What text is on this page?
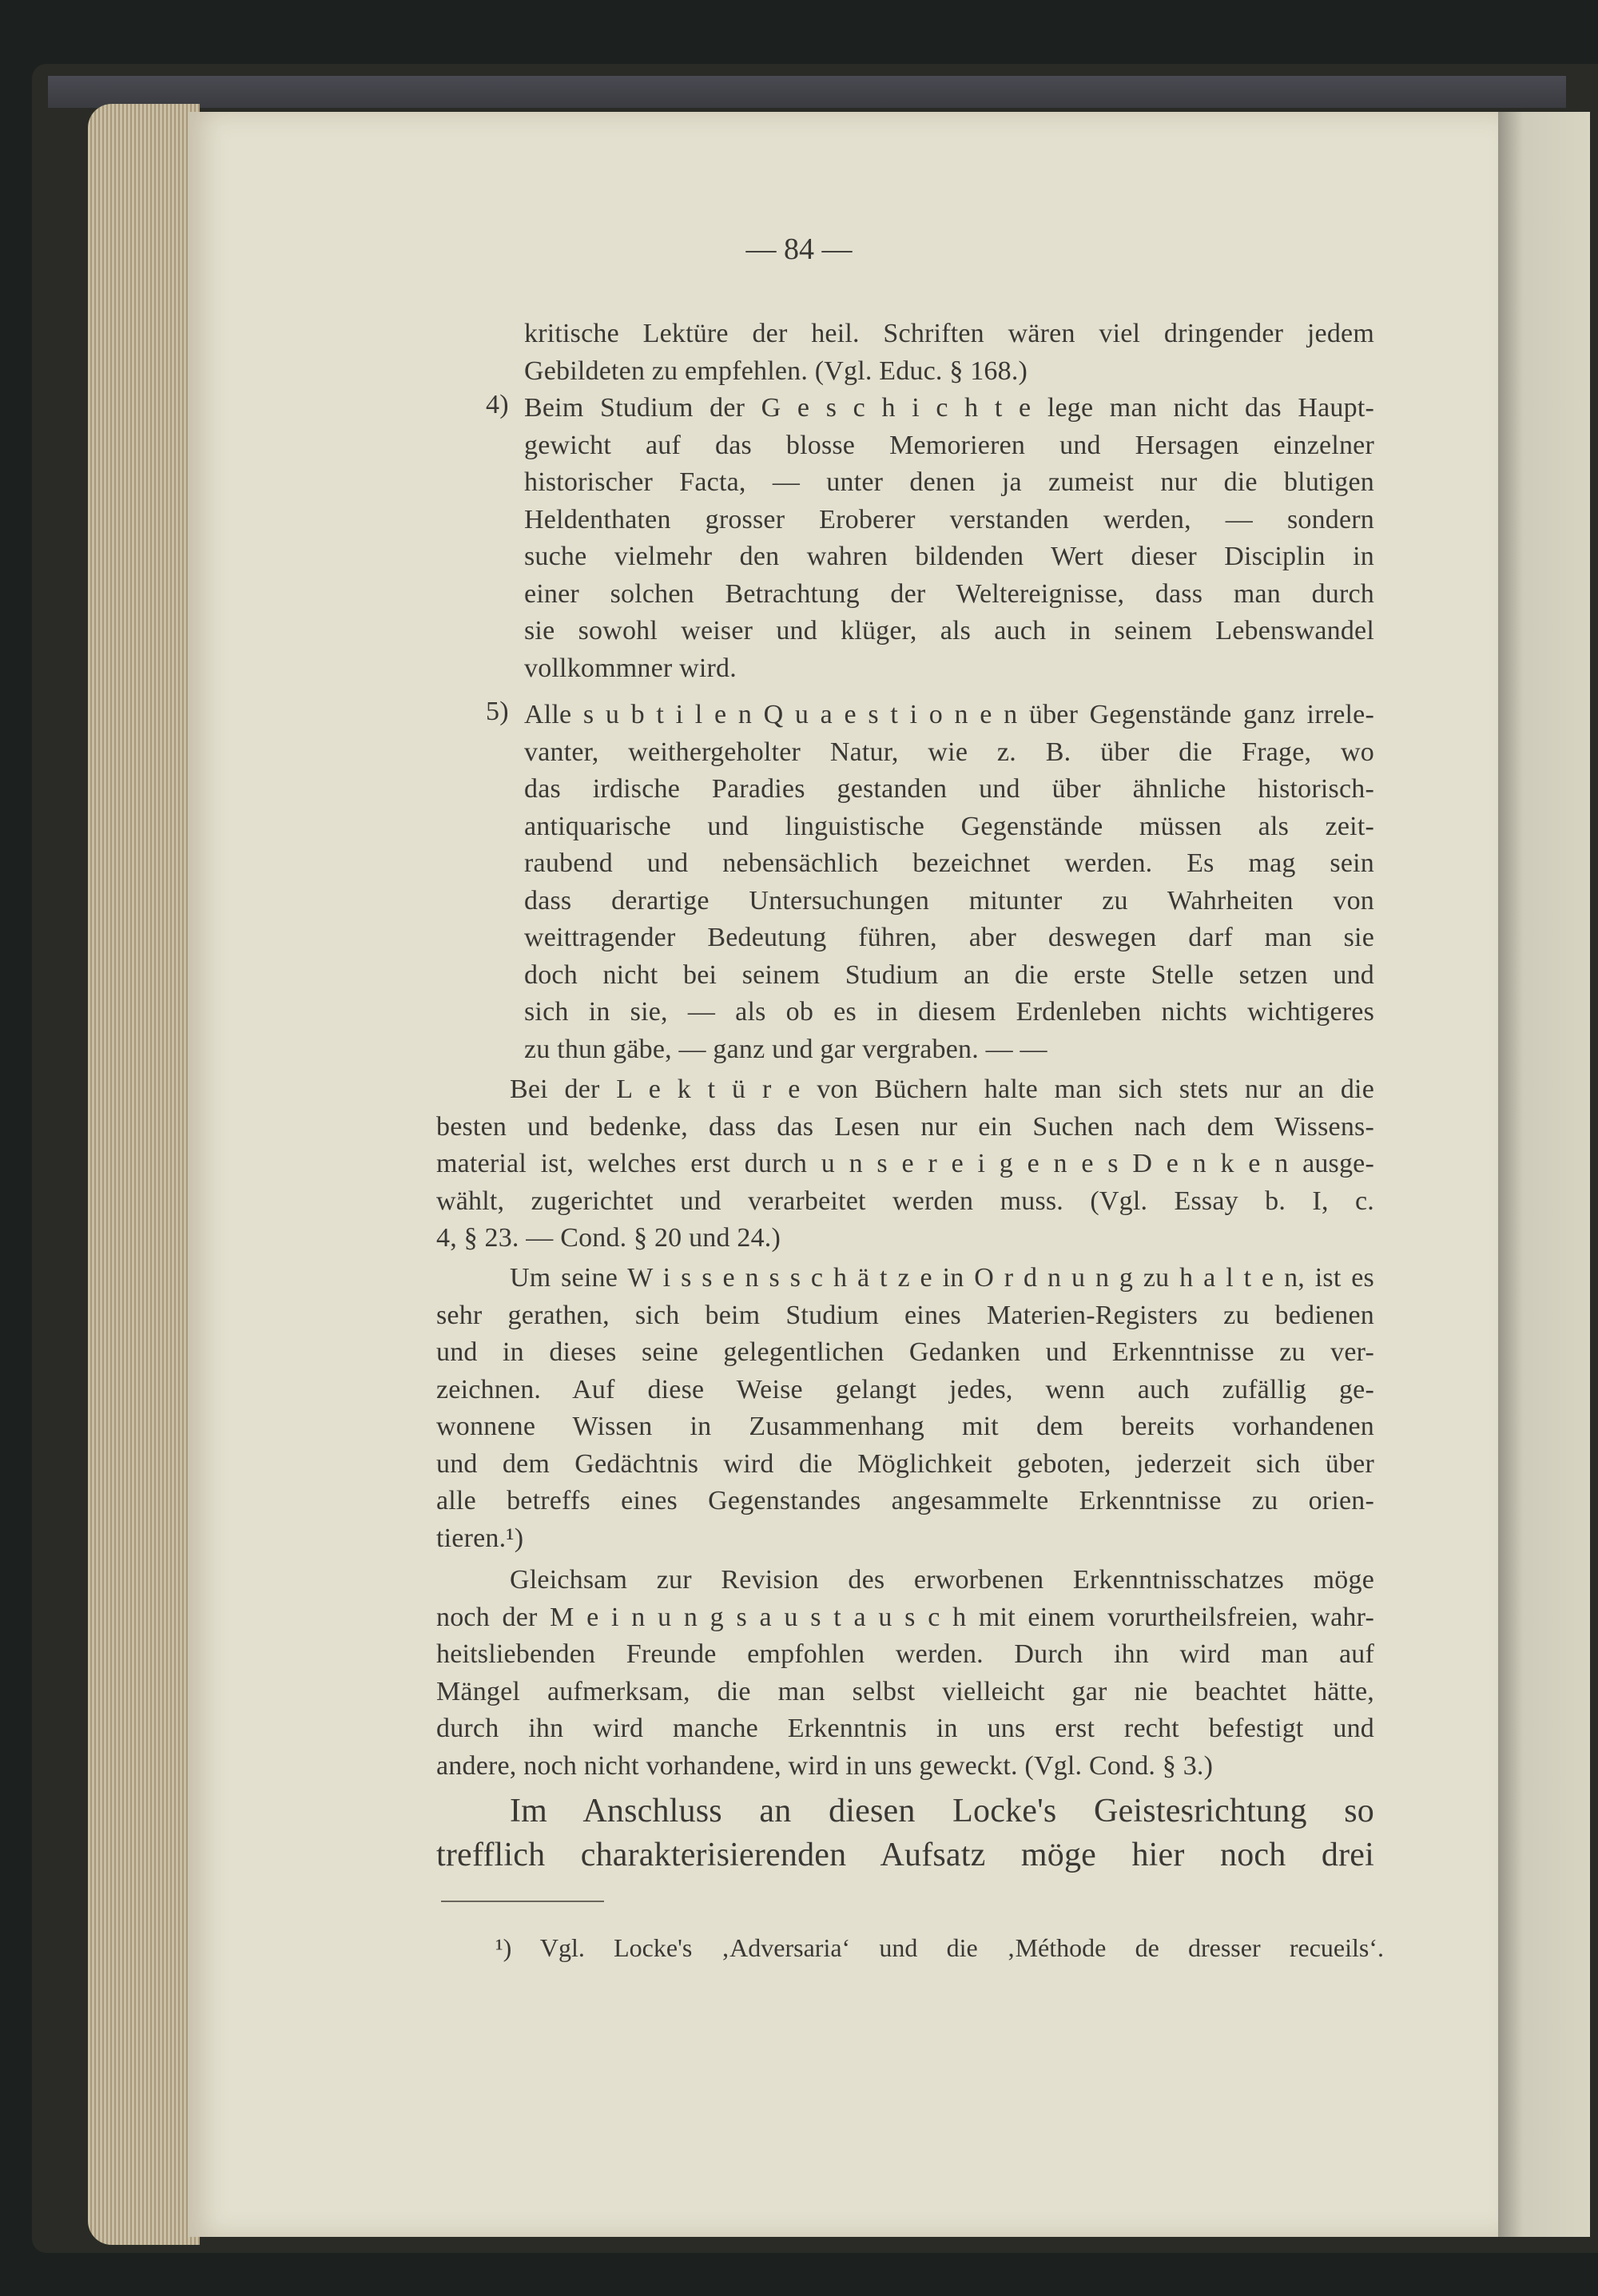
— 84 —
kritische Lektüre der heil. Schriften wären viel dringender jedem
Gebildeten zu empfehlen. (Vgl. Educ. § 168.)
4) Beim Studium der G e s c h i c h t e lege man nicht das Haupt-
gewicht auf das blosse Memorieren und Hersagen einzelner
historischer Facta, — unter denen ja zumeist nur die blutigen
Heldenthaten grosser Eroberer verstanden werden, — sondern
suche vielmehr den wahren bildenden Wert dieser Disciplin in
einer solchen Betrachtung der Weltereignisse, dass man durch
sie sowohl weiser und klüger, als auch in seinem Lebenswandel
vollkommner wird.
5) Alle s u b t i l e n Q u a e s t i o n e n über Gegenstände ganz irrele-
vanter, weithergeholter Natur, wie z. B. über die Frage, wo
das irdische Paradies gestanden und über ähnliche historisch-
antiquarische und linguistische Gegenstände müssen als zeit-
raubend und nebensächlich bezeichnet werden. Es mag sein
dass derartige Untersuchungen mitunter zu Wahrheiten von
weittragender Bedeutung führen, aber deswegen darf man sie
doch nicht bei seinem Studium an die erste Stelle setzen und
sich in sie, — als ob es in diesem Erdenleben nichts wichtigeres
zu thun gäbe, — ganz und gar vergraben. — —
Bei der L e k t ü r e von Büchern halte man sich stets nur an die
besten und bedenke, dass das Lesen nur ein Suchen nach dem Wissens-
material ist, welches erst durch u n s e r e i g e n e s D e n k e n ausge-
wählt, zugerichtet und verarbeitet werden muss. (Vgl. Essay b. I, c.
4, § 23. — Cond. § 20 und 24.)
Um seine W i s s e n s s c h ä t z e in O r d n u n g zu h a l t e n, ist es
sehr gerathen, sich beim Studium eines Materien-Registers zu bedienen
und in dieses seine gelegentlichen Gedanken und Erkenntnisse zu ver-
zeichnen. Auf diese Weise gelangt jedes, wenn auch zufällig ge-
wonnene Wissen in Zusammenhang mit dem bereits vorhandenen
und dem Gedächtnis wird die Möglichkeit geboten, jederzeit sich über
alle betreffs eines Gegenstandes angesammelte Erkenntnisse zu orien-
tieren.¹)
Gleichsam zur Revision des erworbenen Erkenntnisschatzes möge
noch der M e i n u n g s a u s t a u s c h mit einem vorurtheilsfreien, wahr-
heitsliebenden Freunde empfohlen werden. Durch ihn wird man auf
Mängel aufmerksam, die man selbst vielleicht gar nie beachtet hätte,
durch ihn wird manche Erkenntnis in uns erst recht befestigt und
andere, noch nicht vorhandene, wird in uns geweckt. (Vgl. Cond. § 3.)
Im Anschluss an diesen Locke's Geistesrichtung so
trefflich charakterisierenden Aufsatz möge hier noch drei
¹) Vgl. Locke's ‚Adversaria‘ und die ‚Méthode de dresser recueils‘.
